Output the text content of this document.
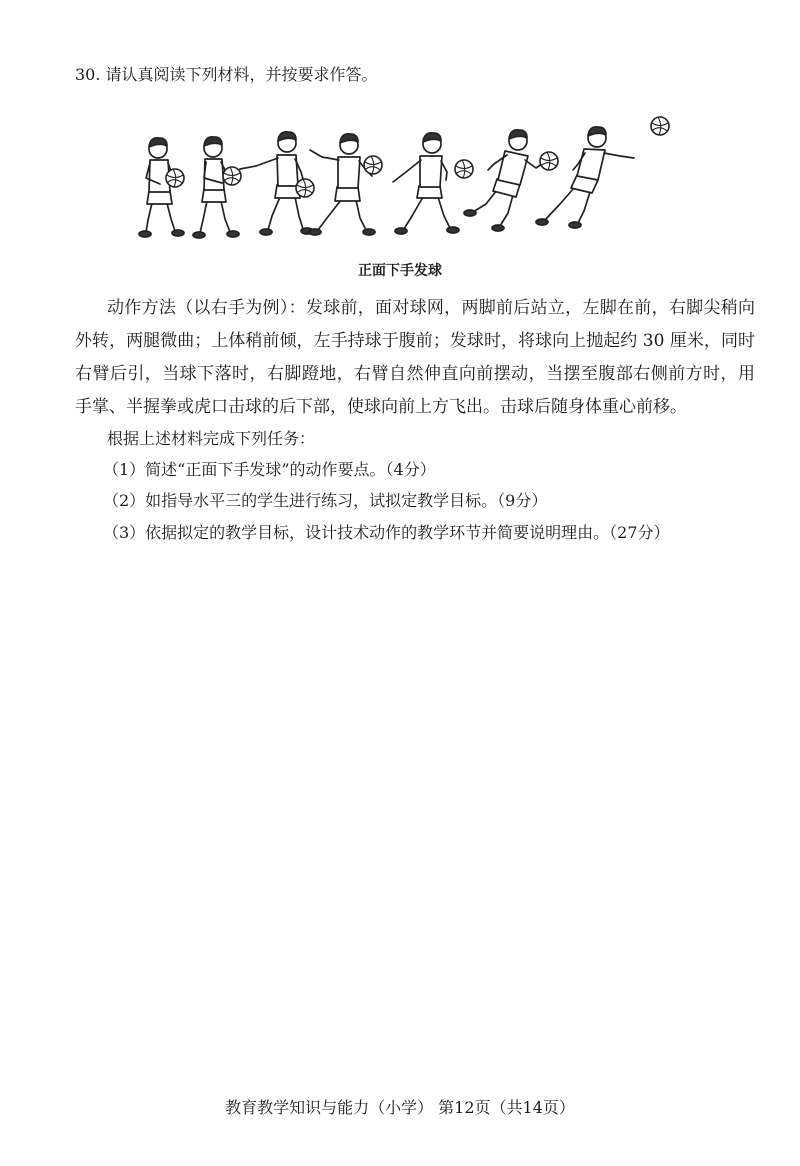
30. 请认真阅读下列材料，并按要求作答。
正面下手发球
动作方法（以右手为例）：发球前，面对球网，两脚前后站立，左脚在前，右脚尖稍向
外转，两腿微曲；上体稍前倾，左手持球于腹前；发球时，将球向上抛起约 30 厘米，同时
右臂后引，当球下落时，右脚蹬地，右臂自然伸直向前摆动，当摆至腹部右侧前方时，用
手掌、半握拳或虎口击球的后下部，使球向前上方飞出。击球后随身体重心前移。
根据上述材料完成下列任务：
（1）简述“正面下手发球”的动作要点。（4分）
（2）如指导水平三的学生进行练习，试拟定教学目标。（9分）
（3）依据拟定的教学目标，设计技术动作的教学环节并简要说明理由。（27分）
教育教学知识与能力（小学） 第12页（共14页）
